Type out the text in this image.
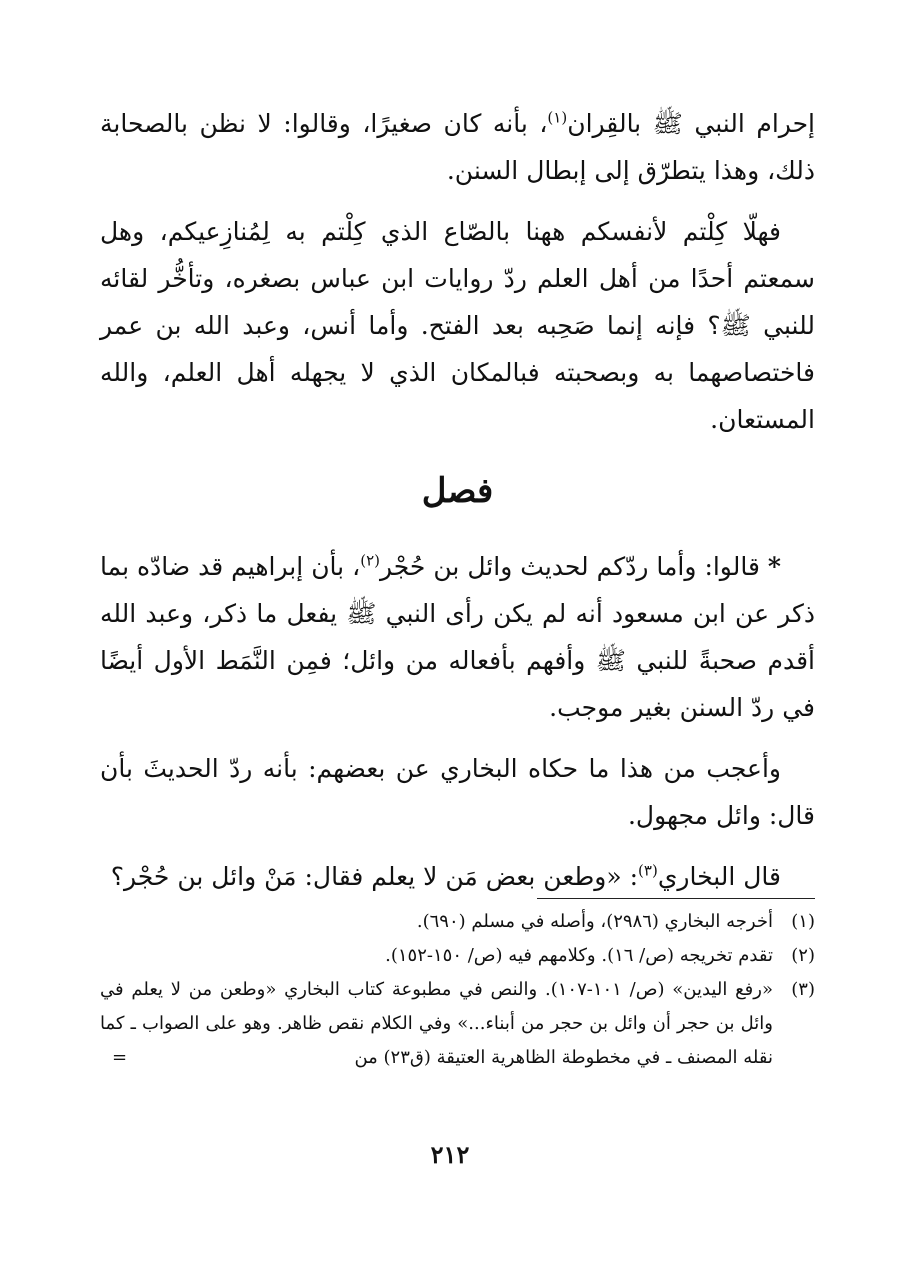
إحرام النبي ﷺ بالقِران$^{(١)}$، بأنه كان صغيرًا، وقالوا: لا نظن بالصحابة ذلك، وهذا يتطرّق إلى إبطال السنن.

فهلّا كِلْتم لأنفسكم ههنا بالصّاع الذي كِلْتم به لِمُنازِعيكم، وهل سمعتم أحدًا من أهل العلم ردّ روايات ابن عباس بصغره، وتأخُّر لقائه للنبي ﷺ؟ فإنه إنما صَحِبه بعد الفتح. وأما أنس، وعبد الله بن عمر فاختصاصهما به وبصحبته فبالمكان الذي لا يجهله أهل العلم، والله المستعان.

فصل

*قالوا: وأما ردّكم لحديث وائل بن حُجْر$^{(٢)}$، بأن إبراهيم قد ضادّه بما ذكر عن ابن مسعود أنه لم يكن رأى النبي ﷺ يفعل ما ذكر، وعبد الله أقدم صحبةً للنبي ﷺ وأفهم بأفعاله من وائل؛ فمِن النَّمَط الأول أيضًا في ردّ السنن بغير موجب.

وأعجب من هذا ما حكاه البخاري عن بعضهم: بأنه ردّ الحديثَ بأن قال: وائل مجهول.

قال البخاري$^{(٣)}$: «وطعن بعض مَن لا يعلم فقال: مَنْ وائل بن حُجْر؟

(١)
أخرجه البخاري (٢٩٨٦)، وأصله في مسلم (٦٩٠).
(٢)
تقدم تخريجه (ص/ ١٦). وكلامهم فيه (ص/ ١٥٠-١٥٢).
(٣)
«رفع اليدين» (ص/ ١٠١-١٠٧). والنص في مطبوعة كتاب البخاري «وطعن من لا يعلم في وائل بن حجر أن وائل بن حجر من أبناء...» وفي الكلام نقص ظاهر. وهو على الصواب ـ كما نقله المصنف ـ في مخطوطة الظاهرية العتيقة (ق٢٣) من
=
٢١٢
